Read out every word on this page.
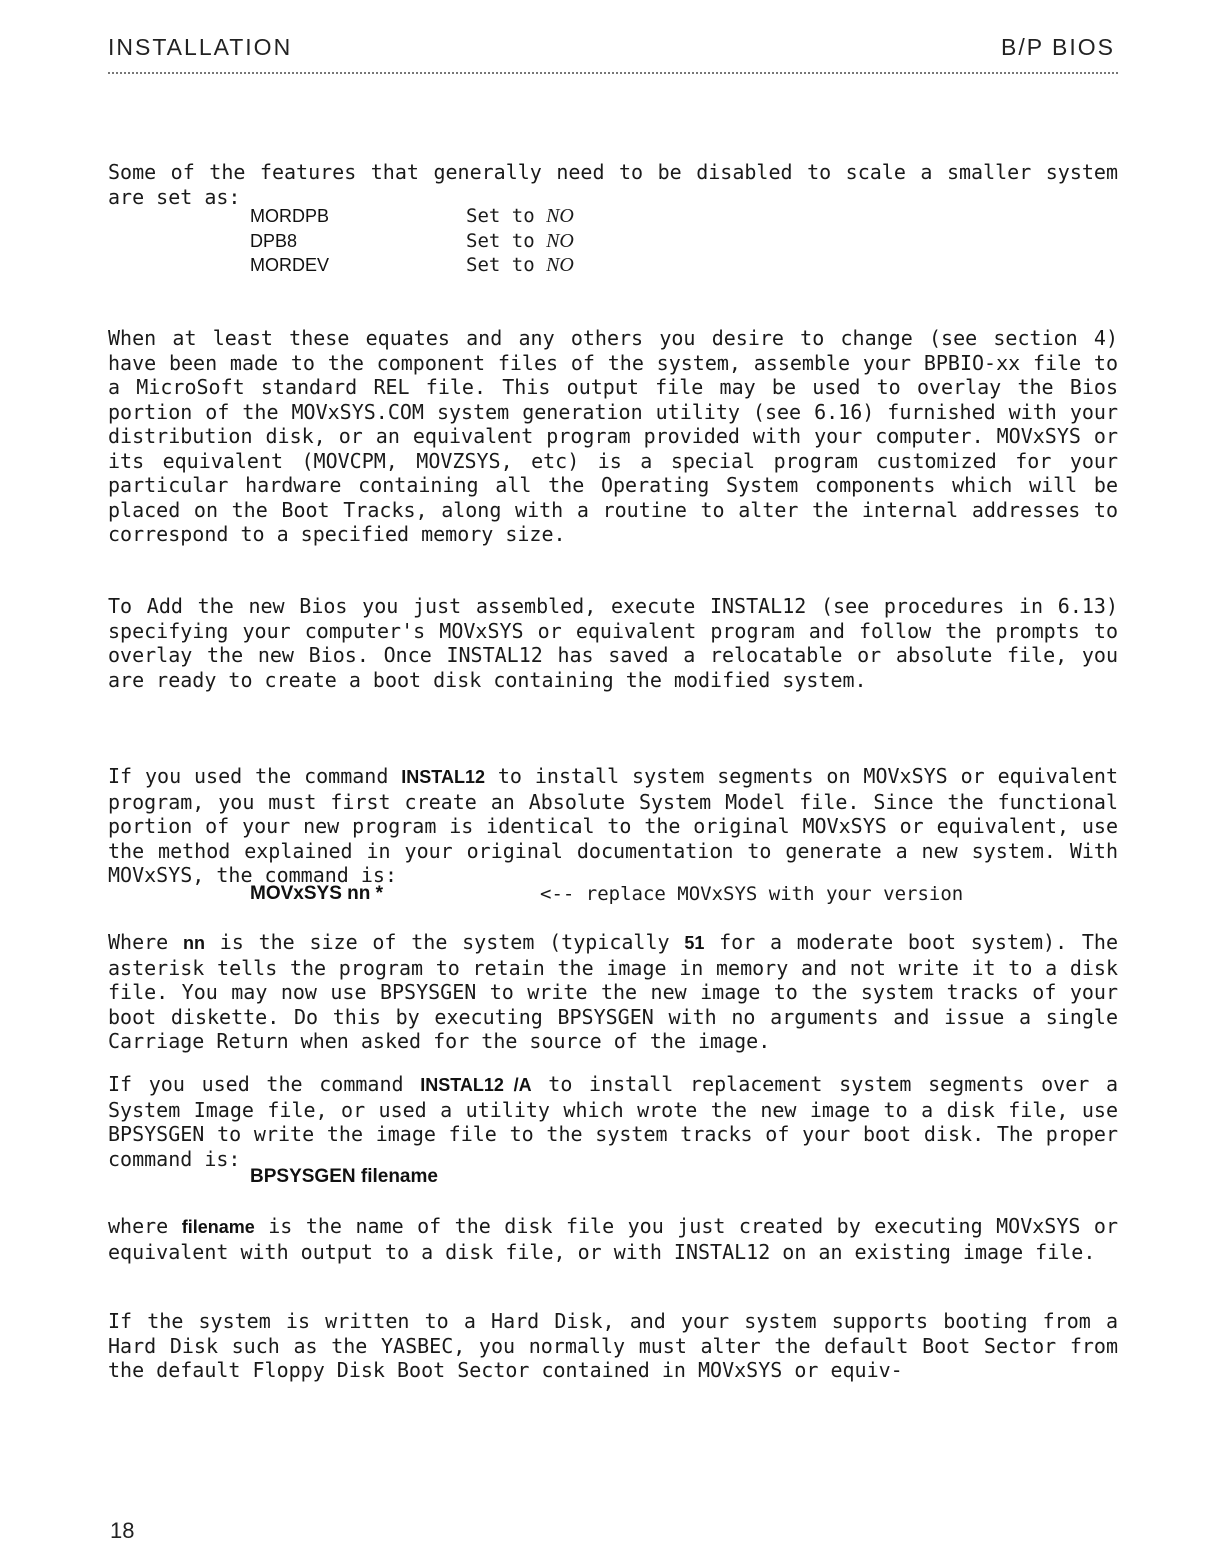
INSTALLATION	B/P BIOS

Some of the features that generally need to be disabled to scale a smaller system are set as:

MORDPB	Set to NO
DPB8	Set to NO
MORDEV	Set to NO

When at least these equates and any others you desire to change (see section 4) have been made to the component files of the system, assemble your BPBIO-xx file to a MicroSoft standard REL file. This output file may be used to overlay the Bios portion of the MOVxSYS.COM system generation utility (see 6.16) furnished with your distribution disk, or an equivalent program provided with your computer. MOVxSYS or its equivalent (MOVCPM, MOVZSYS, etc) is a special program customized for your particular hardware containing all the Operating System components which will be placed on the Boot Tracks, along with a routine to alter the internal addresses to correspond to a specified memory size.

To Add the new Bios you just assembled, execute INSTAL12 (see procedures in 6.13) specifying your computer's MOVxSYS or equivalent program and follow the prompts to overlay the new Bios. Once INSTAL12 has saved a relocatable or absolute file, you are ready to create a boot disk containing the modified system.

If you used the command INSTAL12 to install system segments on MOVxSYS or equivalent program, you must first create an Absolute System Model file. Since the functional portion of your new program is identical to the original MOVxSYS or equivalent, use the method explained in your original documentation to generate a new system. With MOVxSYS, the command is:

MOVxSYS nn *	<-- replace MOVxSYS with your version

Where nn is the size of the system (typically 51 for a moderate boot system). The asterisk tells the program to retain the image in memory and not write it to a disk file. You may now use BPSYSGEN to write the new image to the system tracks of your boot diskette. Do this by executing BPSYSGEN with no arguments and issue a single Carriage Return when asked for the source of the image.

If you used the command INSTAL12 /A to install replacement system segments over a System Image file, or used a utility which wrote the new image to a disk file, use BPSYSGEN to write the image file to the system tracks of your boot disk. The proper command is:

BPSYSGEN filename

where filename is the name of the disk file you just created by executing MOVxSYS or equivalent with output to a disk file, or with INSTAL12 on an existing image file.

If the system is written to a Hard Disk, and your system supports booting from a Hard Disk such as the YASBEC, you normally must alter the default Boot Sector from the default Floppy Disk Boot Sector contained in MOVxSYS or equiv-

18
